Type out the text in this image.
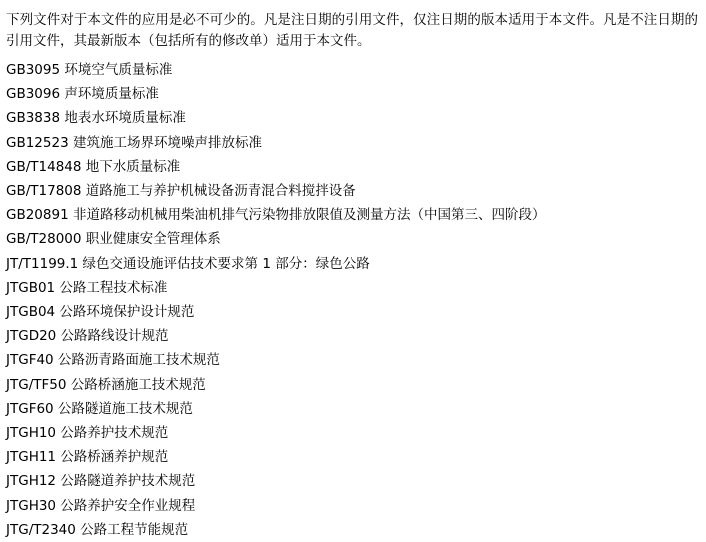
下列文件对于本文件的应用是必不可少的。凡是注日期的引用文件，仅注日期的版本适用于本文件。凡是不注日期的引用文件，其最新版本（包括所有的修改单）适用于本文件。

GB3095 环境空气质量标准
GB3096 声环境质量标准
GB3838 地表水环境质量标准
GB12523 建筑施工场界环境噪声排放标准
GB/T14848 地下水质量标准
GB/T17808 道路施工与养护机械设备沥青混合料搅拌设备
GB20891 非道路移动机械用柴油机排气污染物排放限值及测量方法（中国第三、四阶段）
GB/T28000 职业健康安全管理体系
JT/T1199.1 绿色交通设施评估技术要求第 1 部分：绿色公路
JTGB01 公路工程技术标准
JTGB04 公路环境保护设计规范
JTGD20 公路路线设计规范
JTGF40 公路沥青路面施工技术规范
JTG/TF50 公路桥涵施工技术规范
JTGF60 公路隧道施工技术规范
JTGH10 公路养护技术规范
JTGH11 公路桥涵养护规范
JTGH12 公路隧道养护技术规范
JTGH30 公路养护安全作业规程
JTG/T2340 公路工程节能规范
